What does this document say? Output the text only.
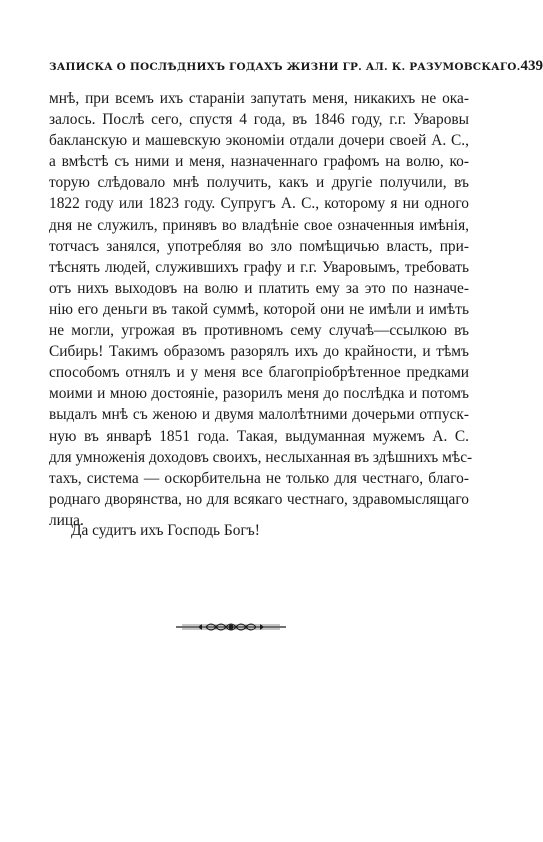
ЗАПИСКА О ПОСЛѢДНИХЪ ГОДАХЪ ЖИЗНИ ГР. АЛ. К. РАЗУМОВСКАГО. 439
мнѣ, при всемъ ихъ стараніи запутать меня, никакихъ не ока-
залось. Послѣ сего, спустя 4 года, въ 1846 году, г.г. Уваровы
бакланскую и машевскую экономіи отдали дочери своей А. С.,
а вмѣстѣ съ ними и меня, назначеннаго графомъ на волю, ко-
торую слѣдовало мнѣ получить, какъ и другіе получили, въ
1822 году или 1823 году. Супругъ А. С., которому я ни одного
дня не служилъ, принявъ во владѣніе свое означенныя имѣнія,
тотчасъ занялся, употребляя во зло помѣщичью власть, при-
тѣснять людей, служившихъ графу и г.г. Уваровымъ, требовать
отъ нихъ выходовъ на волю и платить ему за это по назначе-
нію его деньги въ такой суммѣ, которой они не имѣли и имѣть
не могли, угрожая въ противномъ сему случаѣ—ссылкою въ
Сибирь! Такимъ образомъ разорялъ ихъ до крайности, и тѣмъ
способомъ отнялъ и у меня все благопріобрѣтенное предками
моими и мною достояніе, разорилъ меня до послѣдка и потомъ
выдалъ мнѣ съ женою и двумя малолѣтними дочерьми отпуск-
ную въ январѣ 1851 года. Такая, выдуманная мужемъ А. С.
для умноженія доходовъ своихъ, неслыханная въ здѣшнихъ мѣс-
тахъ, система — оскорбительна не только для честнаго, благо-
роднаго дворянства, но для всякаго честнаго, здравомыслящаго
лица.
Да судитъ ихъ Господь Богъ!
